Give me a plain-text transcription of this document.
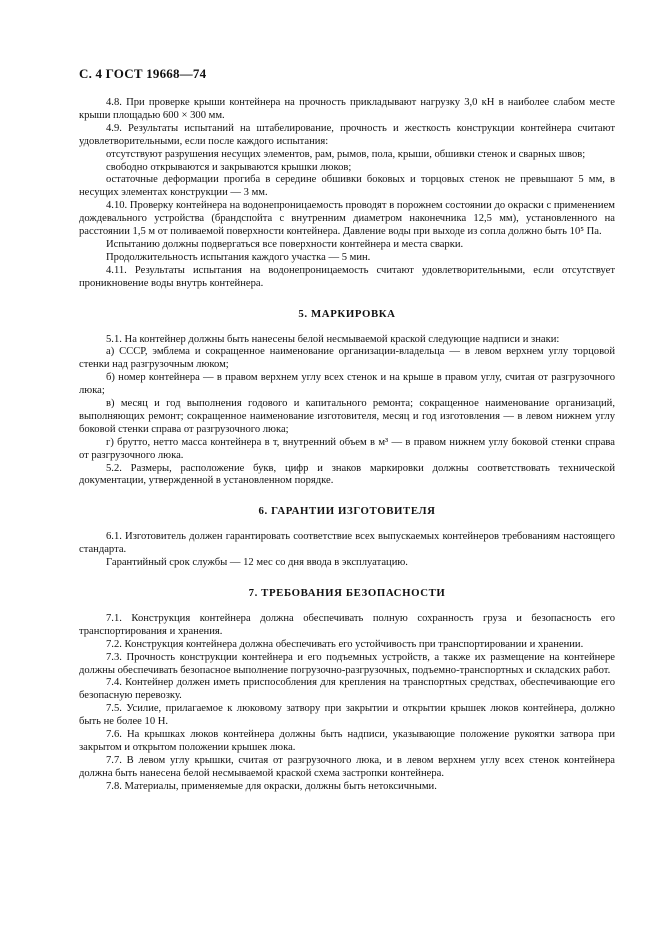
С. 4 ГОСТ 19668—74

4.8. При проверке крыши контейнера на прочность прикладывают нагрузку 3,0 кН в наиболее слабом месте крыши площадью 600 × 300 мм.

4.9. Результаты испытаний на штабелирование, прочность и жесткость конструкции контейнера считают удовлетворительными, если после каждого испытания:

отсутствуют разрушения несущих элементов, рам, рымов, пола, крыши, обшивки стенок и сварных швов;

свободно открываются и закрываются крышки люков;

остаточные деформации прогиба в середине обшивки боковых и торцовых стенок не превышают 5 мм, в несущих элементах конструкции — 3 мм.

4.10. Проверку контейнера на водонепроницаемость проводят в порожнем состоянии до окраски с применением дождевального устройства (брандспойта с внутренним диаметром наконечника 12,5 мм), установленного на расстоянии 1,5 м от поливаемой поверхности контейнера. Давление воды при выходе из сопла должно быть 10⁵ Па.

Испытанию должны подвергаться все поверхности контейнера и места сварки.

Продолжительность испытания каждого участка — 5 мин.

4.11. Результаты испытания на водонепроницаемость считают удовлетворительными, если отсутствует проникновение воды внутрь контейнера.

5. МАРКИРОВКА

5.1. На контейнер должны быть нанесены белой несмываемой краской следующие надписи и знаки:

а) СССР, эмблема и сокращенное наименование организации-владельца — в левом верхнем углу торцовой стенки над разгрузочным люком;

б) номер контейнера — в правом верхнем углу всех стенок и на крыше в правом углу, считая от разгрузочного люка;

в) месяц и год выполнения годового и капитального ремонта; сокращенное наименование организаций, выполняющих ремонт; сокращенное наименование изготовителя, месяц и год изготовления — в левом нижнем углу боковой стенки справа от разгрузочного люка;

г) брутто, нетто масса контейнера в т, внутренний объем в м³ — в правом нижнем углу боковой стенки справа от разгрузочного люка.

5.2. Размеры, расположение букв, цифр и знаков маркировки должны соответствовать технической документации, утвержденной в установленном порядке.

6. ГАРАНТИИ ИЗГОТОВИТЕЛЯ

6.1. Изготовитель должен гарантировать соответствие всех выпускаемых контейнеров требованиям настоящего стандарта.

Гарантийный срок службы — 12 мес со дня ввода в эксплуатацию.

7. ТРЕБОВАНИЯ БЕЗОПАСНОСТИ

7.1. Конструкция контейнера должна обеспечивать полную сохранность груза и безопасность его транспортирования и хранения.

7.2. Конструкция контейнера должна обеспечивать его устойчивость при транспортировании и хранении.

7.3. Прочность конструкции контейнера и его подъемных устройств, а также их размещение на контейнере должны обеспечивать безопасное выполнение погрузочно-разгрузочных, подъемно-транспортных и складских работ.

7.4. Контейнер должен иметь приспособления для крепления на транспортных средствах, обеспечивающие его безопасную перевозку.

7.5. Усилие, прилагаемое к люковому затвору при закрытии и открытии крышек люков контейнера, должно быть не более 10 Н.

7.6. На крышках люков контейнера должны быть надписи, указывающие положение рукоятки затвора при закрытом и открытом положении крышек люка.

7.7. В левом углу крышки, считая от разгрузочного люка, и в левом верхнем углу всех стенок контейнера должна быть нанесена белой несмываемой краской схема застропки контейнера.

7.8. Материалы, применяемые для окраски, должны быть нетоксичными.
